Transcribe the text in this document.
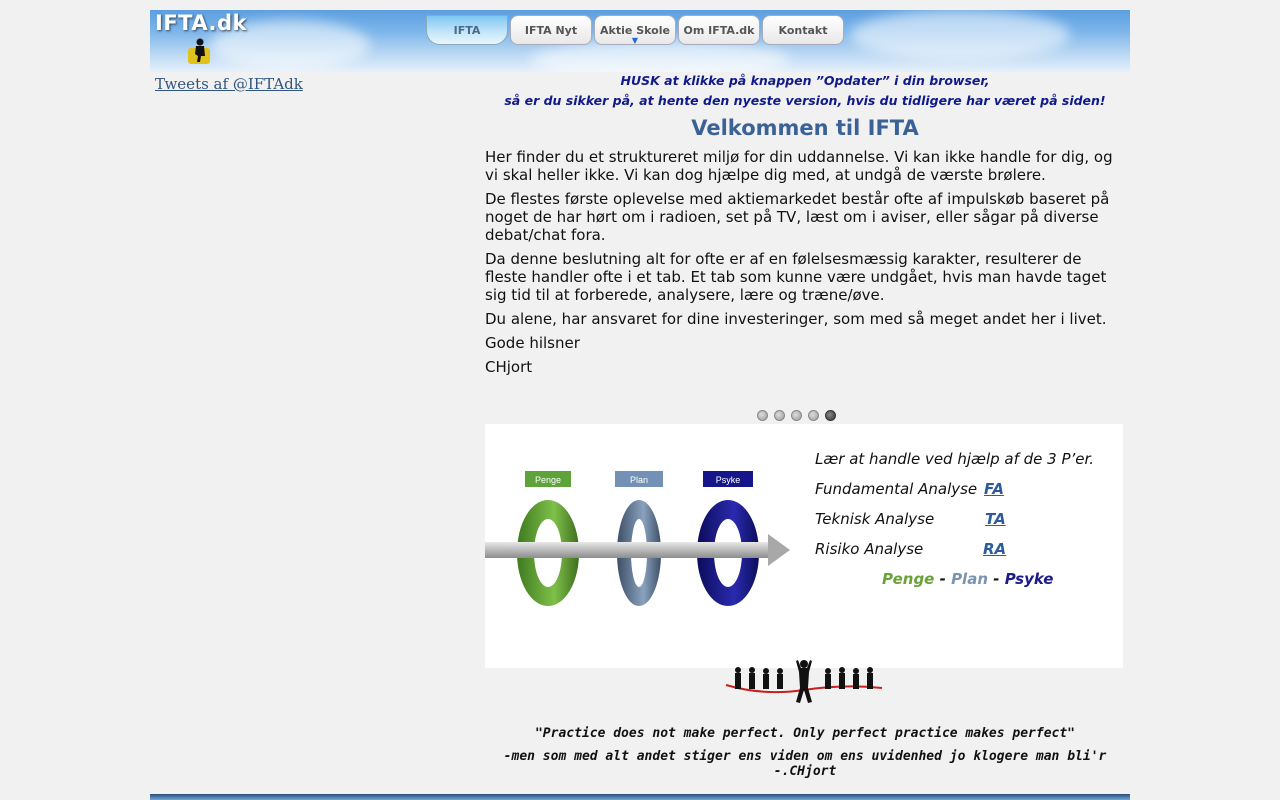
IFTA.dk	IFTA	IFTA Nyt	Aktie Skole
▼
Om IFTA.dk	Kontakt
Tweets af @IFTAdk	HUSK at klikke på knappen ”Opdater” i din browser,
så er du sikker på, at hente den nyeste version, hvis du tidligere har været på siden!
Velkommen til IFTA

Her finder du et struktureret miljø for din uddannelse. Vi kan ikke handle for dig, og vi skal heller ikke. Vi kan dog hjælpe dig med, at undgå de værste brølere.

De flestes første oplevelse med aktiemarkedet består ofte af impulskøb baseret på noget de har hørt om i radioen, set på TV, læst om i aviser, eller sågar på diverse debat/chat fora.

Da denne beslutning alt for ofte er af en følelsesmæssig karakter, resulterer de fleste handler ofte i et tab. Et tab som kunne være undgået, hvis man havde taget sig tid til at forberede, analysere, lære og træne/øve.

Du alene, har ansvaret for dine investeringer, som med så meget andet her i livet.

Gode hilsner

CHjort

Penge	Plan	Psyke
Lær at handle ved hjælp af de 3 P’er.
Fundamental Analyse FA
Teknisk Analyse	TA
Risiko Analyse	RA
Penge - Plan - Psyke
"Practice does not make perfect. Only perfect practice makes perfect"
-men som med alt andet stiger ens viden om ens uvidenhed jo klogere man bli'r -.CHjort
